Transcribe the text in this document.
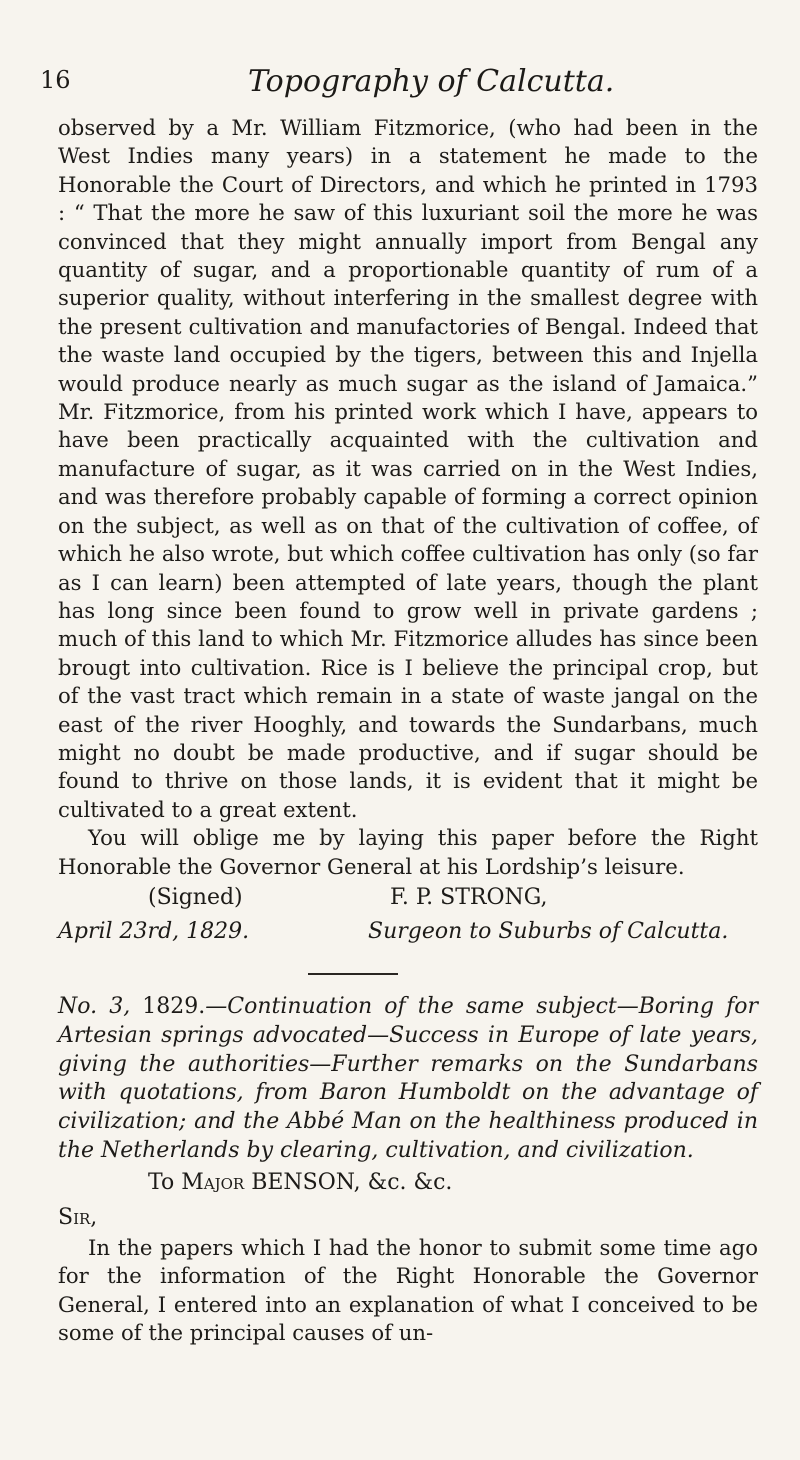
16	Topography of Calcutta.

observed by a Mr. William Fitzmorice, (who had been in the West Indies many years) in a statement he made to the Honorable the Court of Directors, and which he printed in 1793 : “ That the more he saw of this luxuriant soil the more he was convinced that they might annually import from Bengal any quantity of sugar, and a proportionable quantity of rum of a superior quality, without interfering in the smallest degree with the present cultivation and manufactories of Bengal. Indeed that the waste land occupied by the tigers, between this and Injella would produce nearly as much sugar as the island of Jamaica.” Mr. Fitzmorice, from his printed work which I have, appears to have been practically acquainted with the cultivation and manufacture of sugar, as it was carried on in the West Indies, and was therefore probably capable of forming a correct opinion on the subject, as well as on that of the cultivation of coffee, of which he also wrote, but which coffee cultivation has only (so far as I can learn) been attempted of late years, though the plant has long since been found to grow well in private gardens ; much of this land to which Mr. Fitzmorice alludes has since been brougt into cultivation. Rice is I believe the principal crop, but of the vast tract which remain in a state of waste jangal on the east of the river Hooghly, and towards the Sundarbans, much might no doubt be made productive, and if sugar should be found to thrive on those lands, it is evident that it might be cultivated to a great extent.

You will oblige me by laying this paper before the Right Honorable the Governor General at his Lordship’s leisure.

(Signed)	F. P. STRONG,
April 23rd, 1829.	Surgeon to Suburbs of Calcutta.

No. 3, 1829.—Continuation of the same subject—Boring for Artesian springs advocated—Success in Europe of late years, giving the authorities—Further remarks on the Sundarbans with quotations, from Baron Humboldt on the advantage of civilization; and the Abbé Man on the healthiness produced in the Netherlands by clearing, cultivation, and civilization.

To Major BENSON, &c. &c.
Sir,

In the papers which I had the honor to submit some time ago for the information of the Right Honorable the Governor General, I entered into an explanation of what I conceived to be some of the principal causes of un-
